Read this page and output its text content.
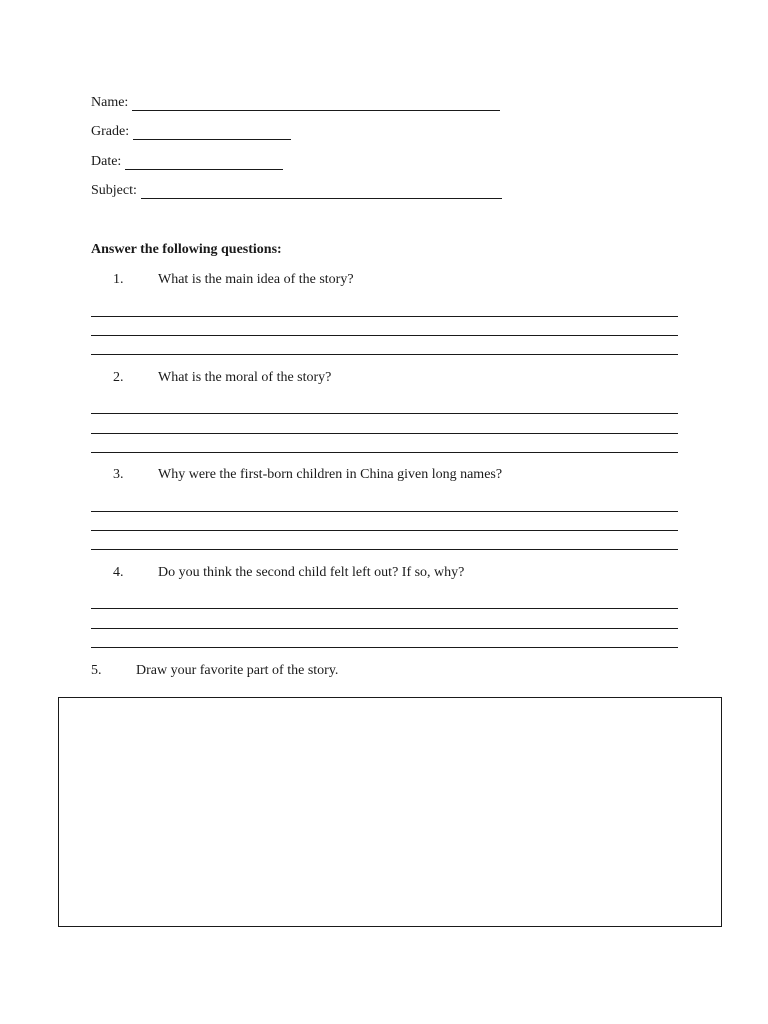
Name:
Grade:
Date:
Subject:
Answer the following questions:
1. What is the main idea of the story?
2. What is the moral of the story?
3. Why were the first-born children in China given long names?
4. Do you think the second child felt left out? If so, why?
5. Draw your favorite part of the story.
